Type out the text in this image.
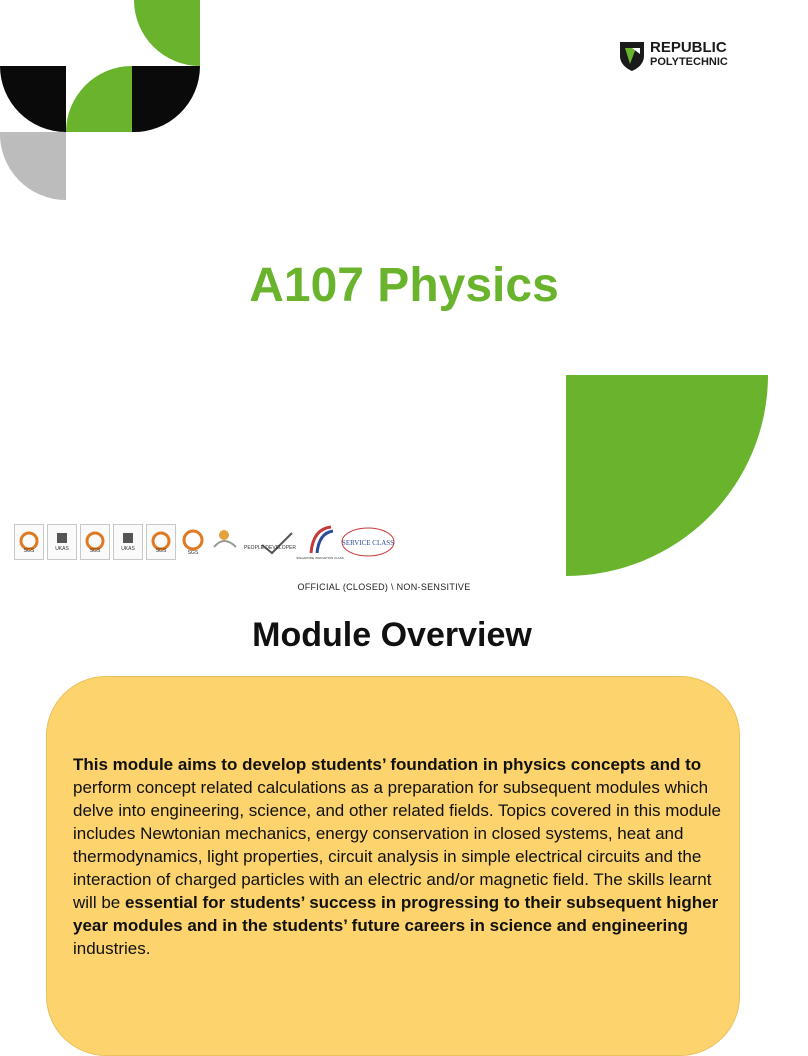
REPUBLIC
POLYTECHNIC
A107 Physics
SGS	UKAS	SGS	UKAS	SGS	SGS
PEOPLE DEVELOPER
SINGAPORE INNOVATION CLASS
SERVICE CLASS
OFFICIAL (CLOSED) \ NON-SENSITIVE
Module Overview

This module aims to develop students’ foundation in physics concepts and to perform concept related calculations as a preparation for subsequent modules which delve into engineering, science, and other related fields. Topics covered in this module includes Newtonian mechanics, energy conservation in closed systems, heat and thermodynamics, light properties, circuit analysis in simple electrical circuits and the interaction of charged particles with an electric and/or magnetic field. The skills learnt will be essential for students’ success in progressing to their subsequent higher year modules and in the students’ future careers in science and engineering industries.
